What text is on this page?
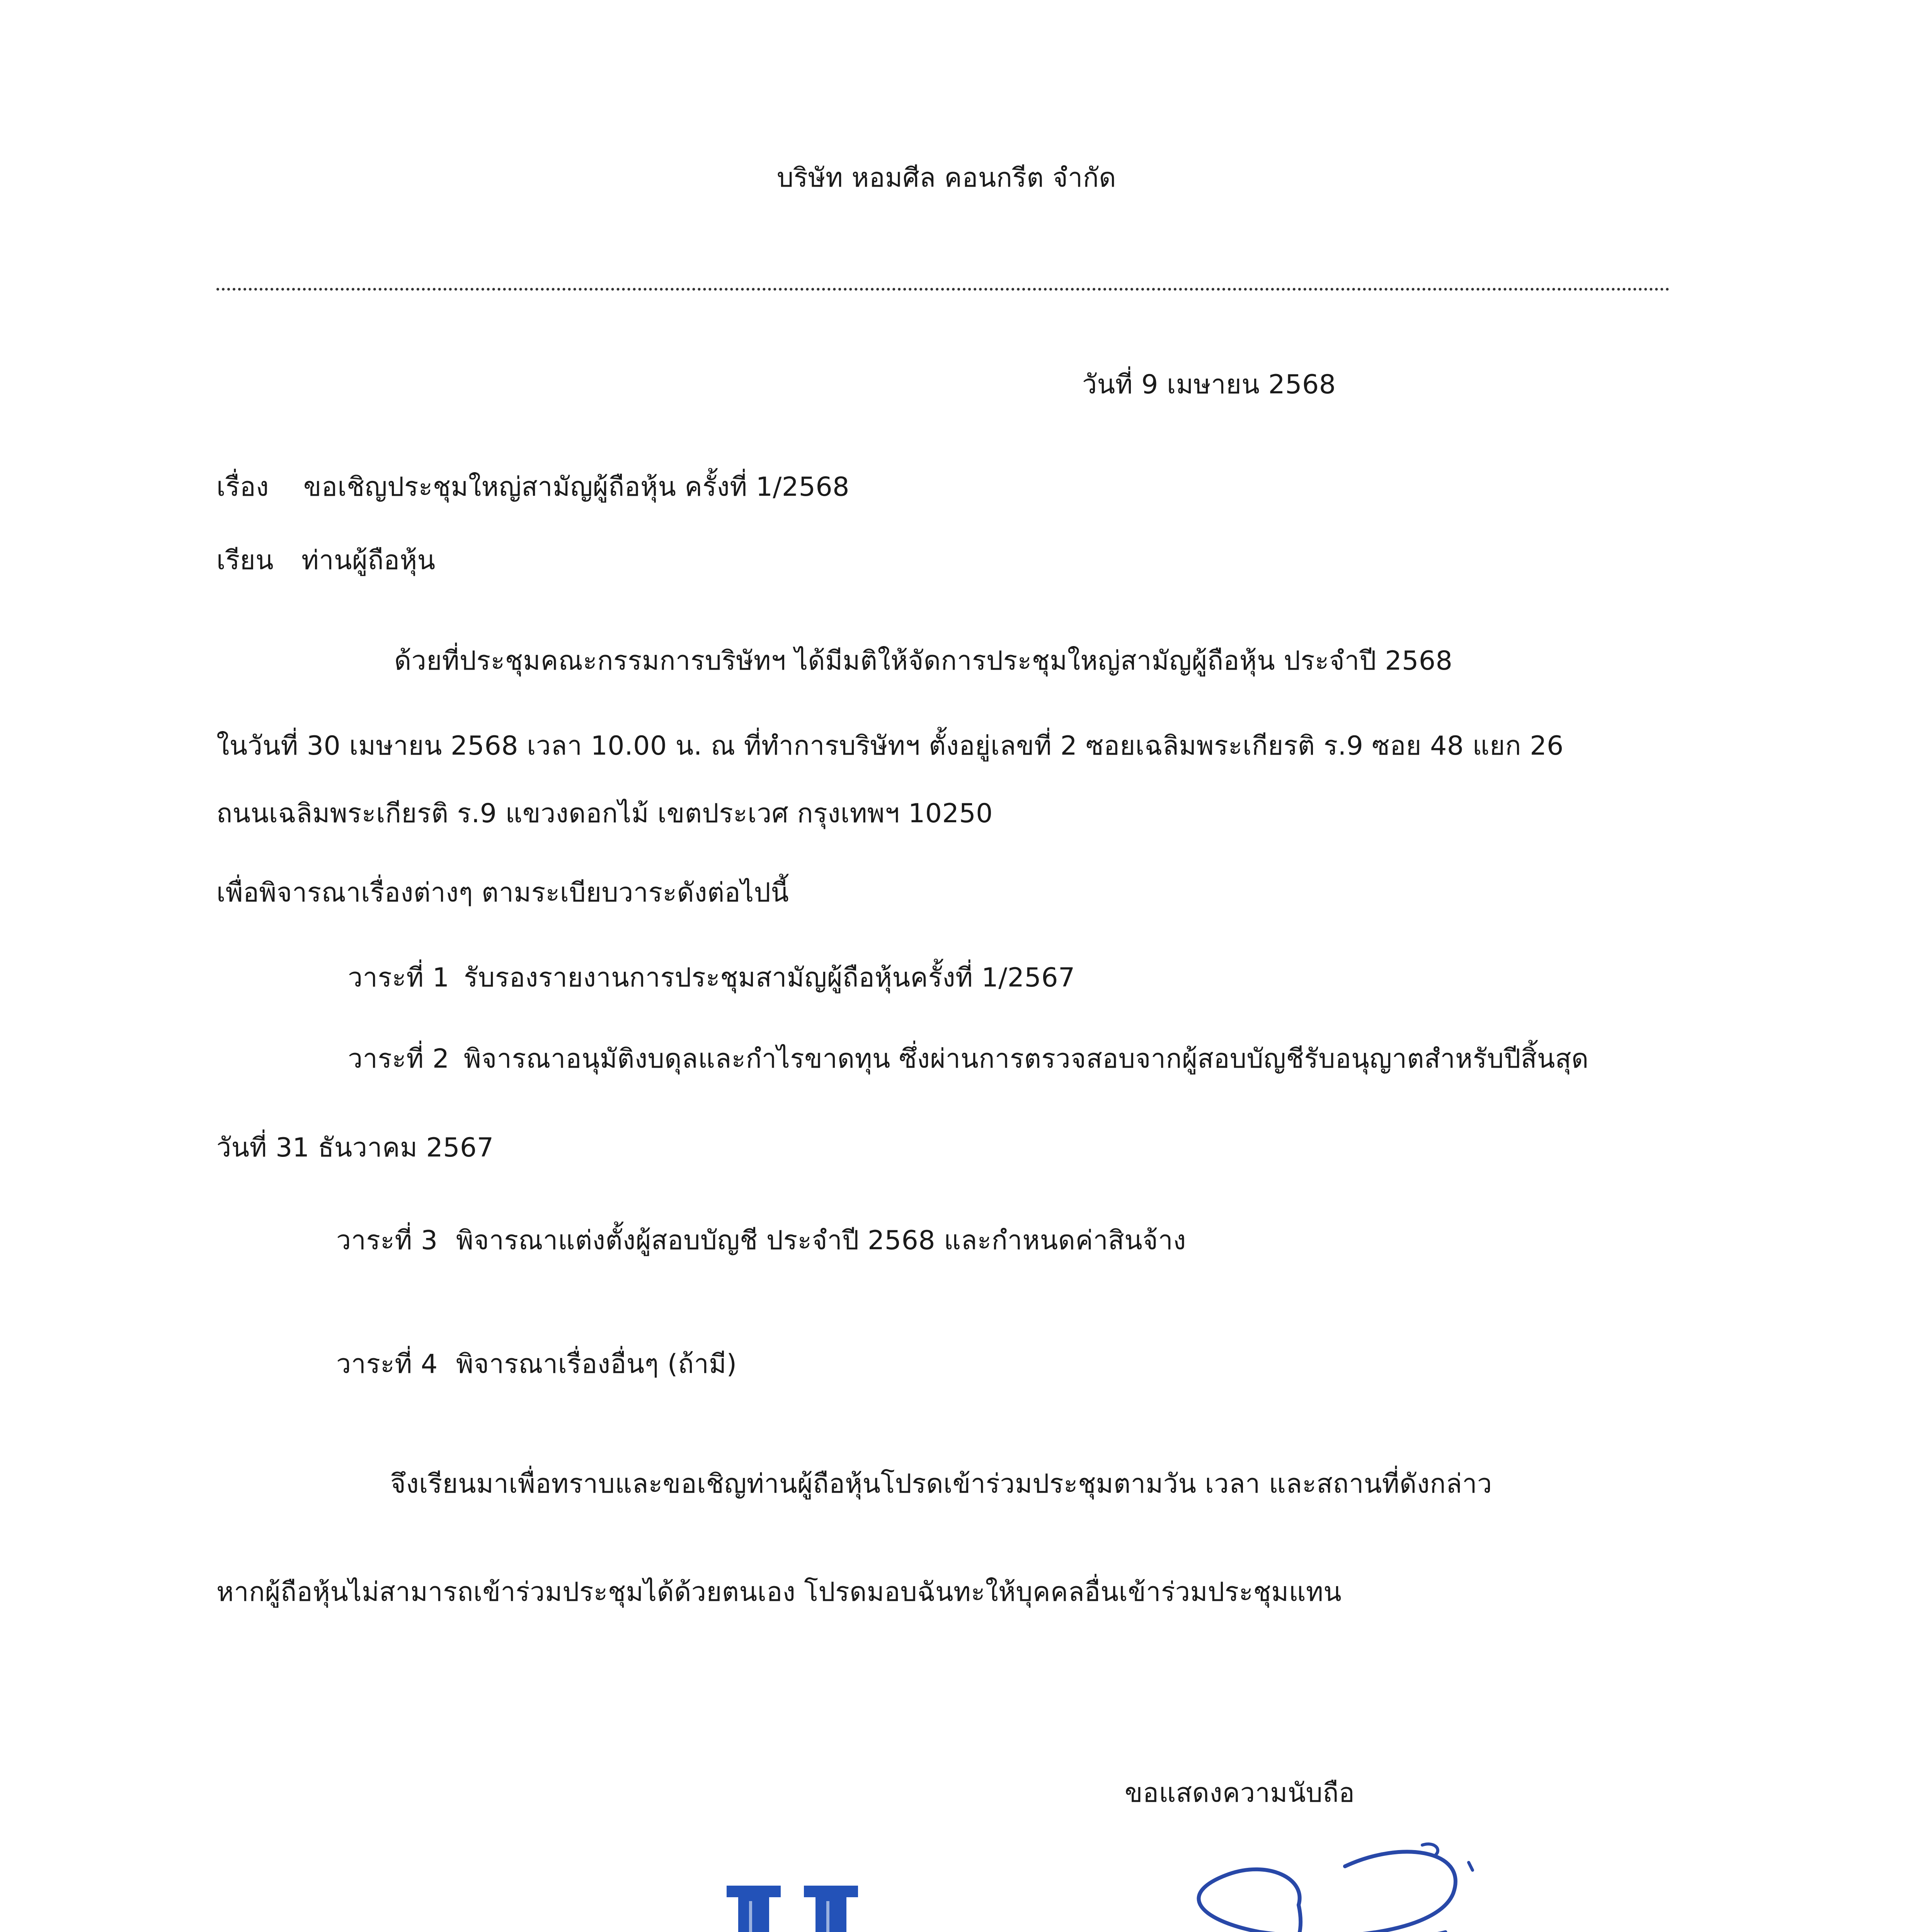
บริษัท หอมศีล คอนกรีต จำกัด
วันที่ 9 เมษายน 2568
เรื่อง ขอเชิญประชุมใหญ่สามัญผู้ถือหุ้น ครั้งที่ 1/2568
เรียน ท่านผู้ถือหุ้น
ด้วยที่ประชุมคณะกรรมการบริษัทฯ ได้มีมติให้จัดการประชุมใหญ่สามัญผู้ถือหุ้น ประจำปี 2568
ในวันที่ 30 เมษายน 2568 เวลา 10.00 น. ณ ที่ทำการบริษัทฯ ตั้งอยู่เลขที่ 2 ซอยเฉลิมพระเกียรติ ร.9 ซอย 48 แยก 26
ถนนเฉลิมพระเกียรติ ร.9 แขวงดอกไม้ เขตประเวศ กรุงเทพฯ 10250
เพื่อพิจารณาเรื่องต่างๆ ตามระเบียบวาระดังต่อไปนี้
วาระที่ 1 รับรองรายงานการประชุมสามัญผู้ถือหุ้นครั้งที่ 1/2567
วาระที่ 2 พิจารณาอนุมัติงบดุลและกำไรขาดทุน ซึ่งผ่านการตรวจสอบจากผู้สอบบัญชีรับอนุญาตสำหรับปีสิ้นสุด
วันที่ 31 ธันวาคม 2567
วาระที่ 3 พิจารณาแต่งตั้งผู้สอบบัญชี ประจำปี 2568 และกำหนดค่าสินจ้าง
วาระที่ 4 พิจารณาเรื่องอื่นๆ (ถ้ามี)
จึงเรียนมาเพื่อทราบและขอเชิญท่านผู้ถือหุ้นโปรดเข้าร่วมประชุมตามวัน เวลา และสถานที่ดังกล่าว
หากผู้ถือหุ้นไม่สามารถเข้าร่วมประชุมได้ด้วยตนเอง โปรดมอบฉันทะให้บุคคลอื่นเข้าร่วมประชุมแทน
ขอแสดงความนับถือ
